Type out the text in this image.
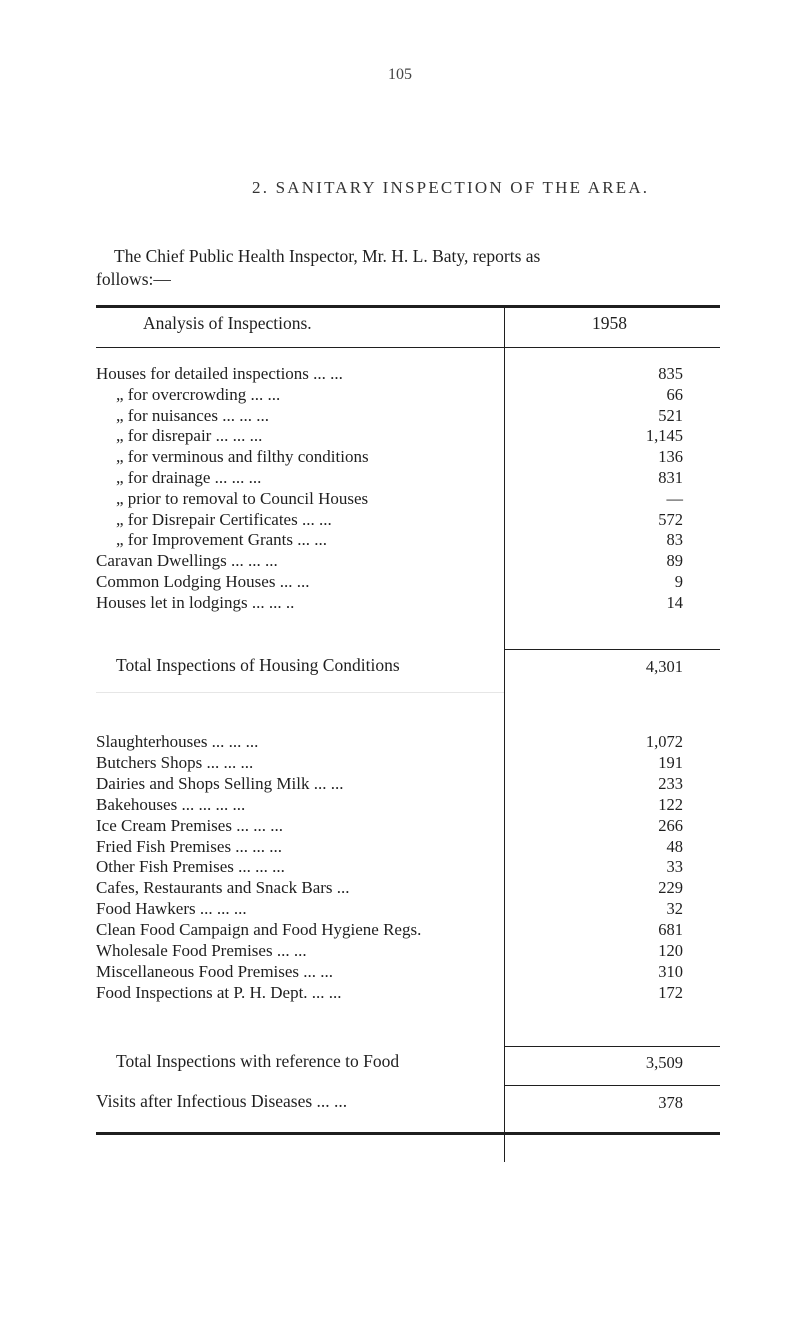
105
2. SANITARY INSPECTION OF THE AREA.
The Chief Public Health Inspector, Mr. H. L. Baty, reports as
follows:—
Analysis of Inspections.	1958
Houses for detailed inspections ... ...	835
„ for overcrowding ... ...	66
„ for nuisances ... ... ...	521
„ for disrepair ... ... ...	1,145
„ for verminous and filthy conditions	136
„ for drainage ... ... ...	831
„ prior to removal to Council Houses	—
„ for Disrepair Certificates ... ...	572
„ for Improvement Grants ... ...	83
Caravan Dwellings ... ... ...	89
Common Lodging Houses ... ...	9
Houses let in lodgings ... ... ..	14
Total Inspections of Housing Conditions	4,301
Slaughterhouses ... ... ...	1,072
Butchers Shops ... ... ...	191
Dairies and Shops Selling Milk ... ...	233
Bakehouses ... ... ... ...	122
Ice Cream Premises ... ... ...	266
Fried Fish Premises ... ... ...	48
Other Fish Premises ... ... ...	33
Cafes, Restaurants and Snack Bars ...	229
Food Hawkers ... ... ...	32
Clean Food Campaign and Food Hygiene Regs.	681
Wholesale Food Premises ... ...	120
Miscellaneous Food Premises ... ...	310
Food Inspections at P. H. Dept. ... ...	172
Total Inspections with reference to Food	3,509
Visits after Infectious Diseases ... ...	378
